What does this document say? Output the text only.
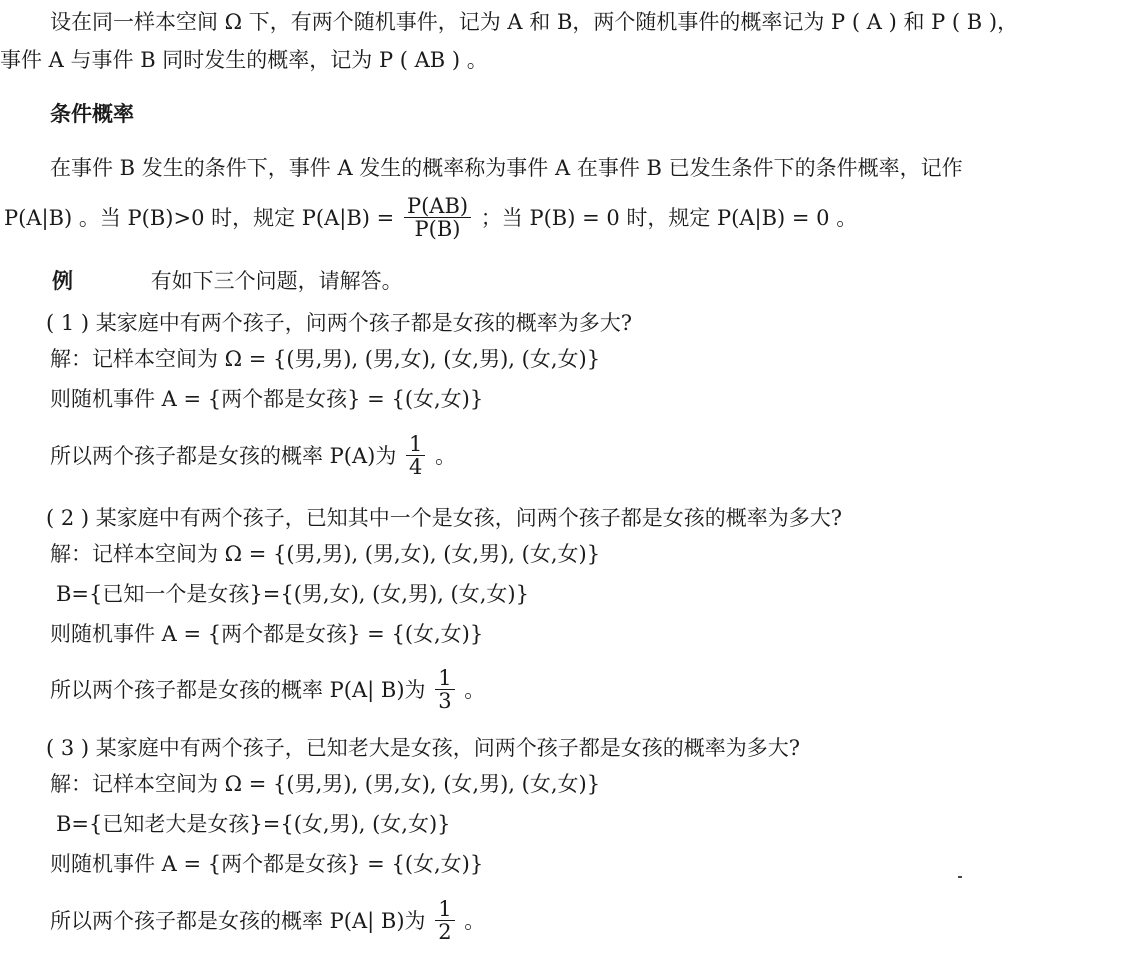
设在同一样本空间 Ω 下，有两个随机事件，记为 A 和 B，两个随机事件的概率记为 P ( A ) 和 P ( B )，
事件 A 与事件 B 同时发生的概率，记为 P ( AB ) 。
条件概率
在事件 B 发生的条件下，事件 A 发生的概率称为事件 A 在事件 B 已发生条件下的条件概率，记作
P(A|B) 。当 P(B)>0 时，规定 $P(A|B) = \frac{P(AB)}{P(B)}$ ；当 P(B) = 0 时，规定 P(A|B) = 0 。
例	有如下三个问题，请解答。
( 1 ) 某家庭中有两个孩子，问两个孩子都是女孩的概率为多大?
解：记样本空间为 Ω = {(男,男), (男,女), (女,男), (女,女)}
则随机事件 A = {两个都是女孩} = {(女,女)}
所以两个孩子都是女孩的概率 P(A)为 $\frac{1}{4}$ 。
( 2 ) 某家庭中有两个孩子，已知其中一个是女孩，问两个孩子都是女孩的概率为多大?
解：记样本空间为 Ω = {(男,男), (男,女), (女,男), (女,女)}
B={已知一个是女孩}={(男,女), (女,男), (女,女)}
则随机事件 A = {两个都是女孩} = {(女,女)}
所以两个孩子都是女孩的概率 P(A| B)为 $\frac{1}{3}$ 。
( 3 ) 某家庭中有两个孩子，已知老大是女孩，问两个孩子都是女孩的概率为多大?
解：记样本空间为 Ω = {(男,男), (男,女), (女,男), (女,女)}
B={已知老大是女孩}={(女,男), (女,女)}
则随机事件 A = {两个都是女孩} = {(女,女)}
所以两个孩子都是女孩的概率 P(A| B)为 $\frac{1}{2}$ 。
